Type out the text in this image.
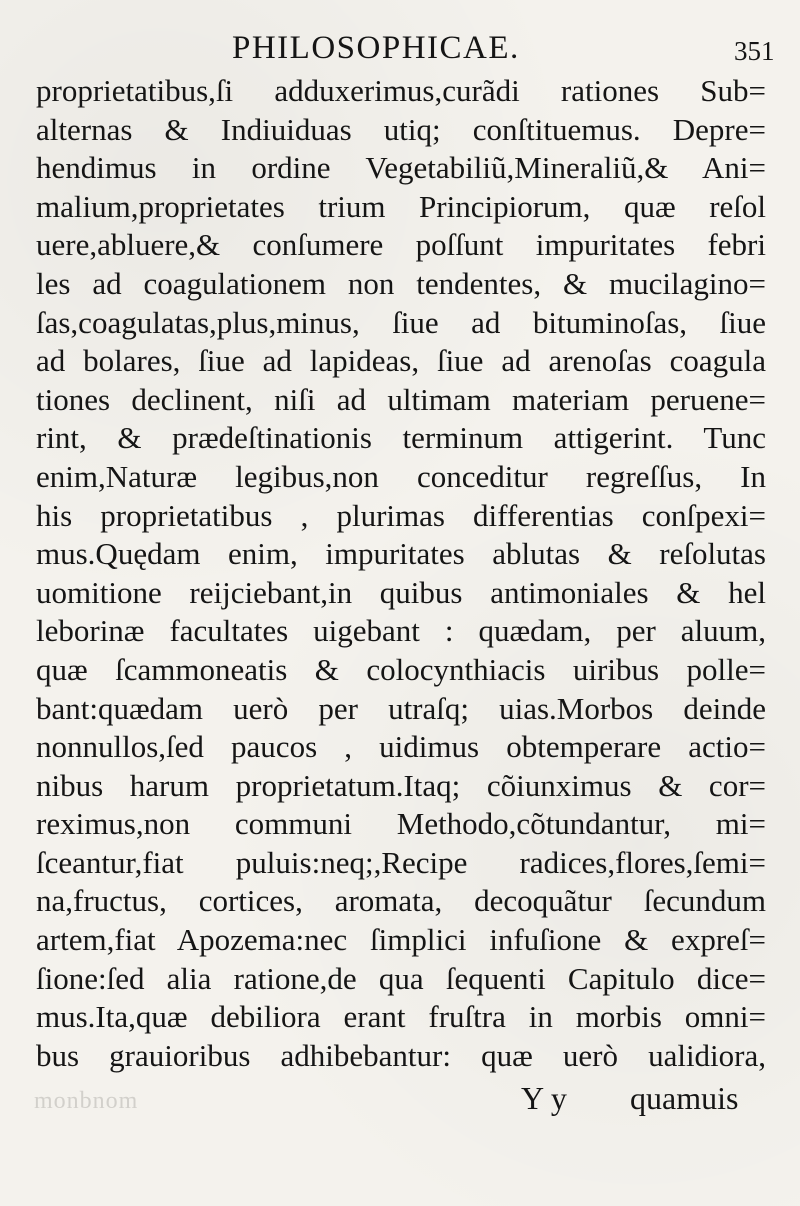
PHILOSOPHICAE.	351
proprietatibus,ſi adduxerimus,curãdi rationes Sub=
alternas & Indiuiduas utiq; conſtituemus. Depre=
hendimus in ordine Vegetabiliũ,Mineraliũ,& Ani=
malium,proprietates trium Principiorum, quæ reſol
uere,abluere,& conſumere poſſunt impuritates febri
les ad coagulationem non tendentes, & mucilagino=
ſas,coagulatas,plus,minus, ſiue ad bituminoſas, ſiue
ad bolares, ſiue ad lapideas, ſiue ad arenoſas coagula
tiones declinent, niſi ad ultimam materiam peruene=
rint, & prædeſtinationis terminum attigerint. Tunc
enim,Naturæ legibus,non conceditur regreſſus, In
his proprietatibus , plurimas differentias conſpexi=
mus.Quędam enim, impuritates ablutas & reſolutas
uomitione reijciebant,in quibus antimoniales & hel
leborinæ facultates uigebant : quædam, per aluum,
quæ ſcammoneatis & colocynthiacis uiribus polle=
bant:quædam uerò per utraſq; uias.Morbos deinde
nonnullos,ſed paucos , uidimus obtemperare actio=
nibus harum proprietatum.Itaq; cõiunximus & cor=
reximus,non communi Methodo,cõtundantur, mi=
ſceantur,fiat puluis:neq;,Recipe radices,flores,ſemi=
na,fructus, cortices, aromata, decoquãtur ſecundum
artem,fiat Apozema:nec ſimplici infuſione & expreſ=
ſione:ſed alia ratione,de qua ſequenti Capitulo dice=
mus.Ita,quæ debiliora erant fruſtra in morbis omni=
bus grauioribus adhibebantur: quæ uerò ualidiora,
monbnom	Y y quamuis
